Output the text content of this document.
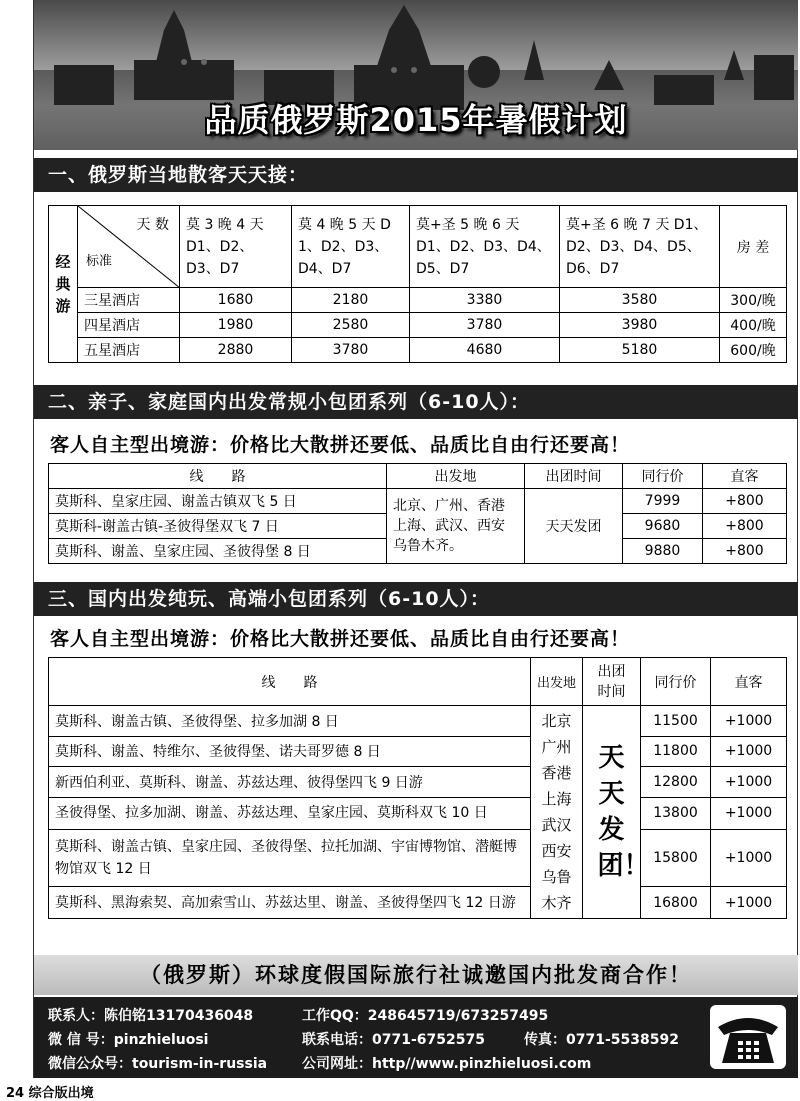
品质俄罗斯2015年暑假计划
一、俄罗斯当地散客天天接：
经典游	天 数
标准	莫 3 晚 4 天 D1、D2、D3、D7	莫 4 晚 5 天 D 1、D2、D3、D4、D7	莫+圣 5 晚 6 天 D1、D2、D3、D4、D5、D7	莫+圣 6 晚 7 天 D1、D2、D3、D4、D5、D6、D7	房 差
	三星酒店	1680	2180	3380	3580	300/晚
	四星酒店	1980	2580	3780	3980	400/晚
	五星酒店	2880	3780	4680	5180	600/晚
二、亲子、家庭国内出发常规小包团系列（6-10人）：
客人自主型出境游：价格比大散拼还要低、品质比自由行还要高！
线　　路	出发地	出团时间	同行价	直客
莫斯科、皇家庄园、谢盖古镇双飞 5 日	北京、广州、香港上海、武汉、西安乌鲁木齐。	天天发团	7999	+800
莫斯科-谢盖古镇-圣彼得堡双飞 7 日			9680	+800
莫斯科、谢盖、皇家庄园、圣彼得堡 8 日			9880	+800
三、国内出发纯玩、高端小包团系列（6-10人）：
客人自主型出境游：价格比大散拼还要低、品质比自由行还要高！
线　　路	出发地	出团时间	同行价	直客
莫斯科、谢盖古镇、圣彼得堡、拉多加湖 8 日	北京广州香港上海武汉西安乌鲁木齐	天天发团！	11500	+1000
莫斯科、谢盖、特维尔、圣彼得堡、诺夫哥罗德 8 日			11800	+1000
新西伯利亚、莫斯科、谢盖、苏兹达理、彼得堡四飞 9 日游			12800	+1000
圣彼得堡、拉多加湖、谢盖、苏兹达理、皇家庄园、莫斯科双飞 10 日			13800	+1000
莫斯科、谢盖古镇、皇家庄园、圣彼得堡、拉托加湖、宇宙博物馆、潜艇博物馆双飞 12 日			15800	+1000
莫斯科、黑海索契、高加索雪山、苏兹达里、谢盖、圣彼得堡四飞 12 日游			16800	+1000
（俄罗斯）环球度假国际旅行社诚邀国内批发商合作！
联系人：陈伯铭13170436048
微 信 号：pinzhieluosi
微信公众号：tourism-in-russia
工作QQ：248645719/673257495
联系电话：0771-6752575	传真：0771-5538592
公司网址：http//www.pinzhieluosi.com
24 综合版出境
